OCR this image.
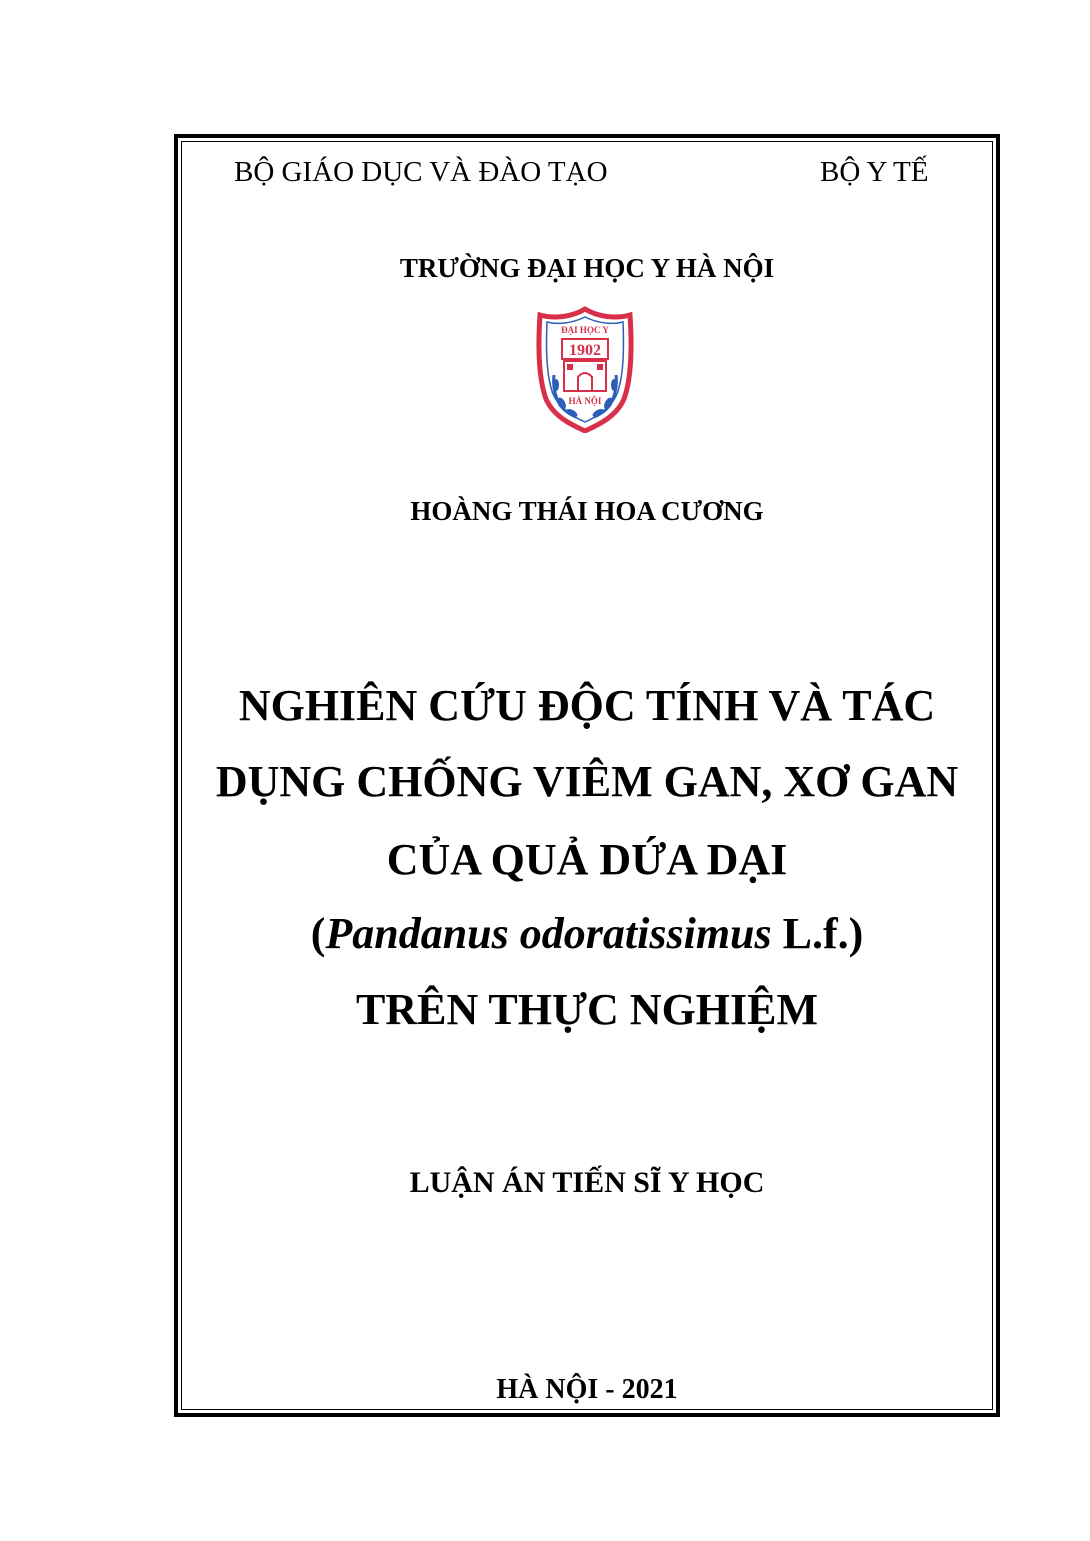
BỘ GIÁO DỤC VÀ ĐÀO TẠO	BỘ Y TẾ
TRƯỜNG ĐẠI HỌC Y HÀ NỘI
ĐẠI HỌC Y
1902
HÀ NỘI
HOÀNG THÁI HOA CƯƠNG
NGHIÊN CỨU ĐỘC TÍNH VÀ TÁC
DỤNG CHỐNG VIÊM GAN, XƠ GAN
CỦA QUẢ DỨA DẠI
(Pandanus odoratissimus L.f.)
TRÊN THỰC NGHIỆM
LUẬN ÁN TIẾN SĨ Y HỌC
HÀ NỘI - 2021
